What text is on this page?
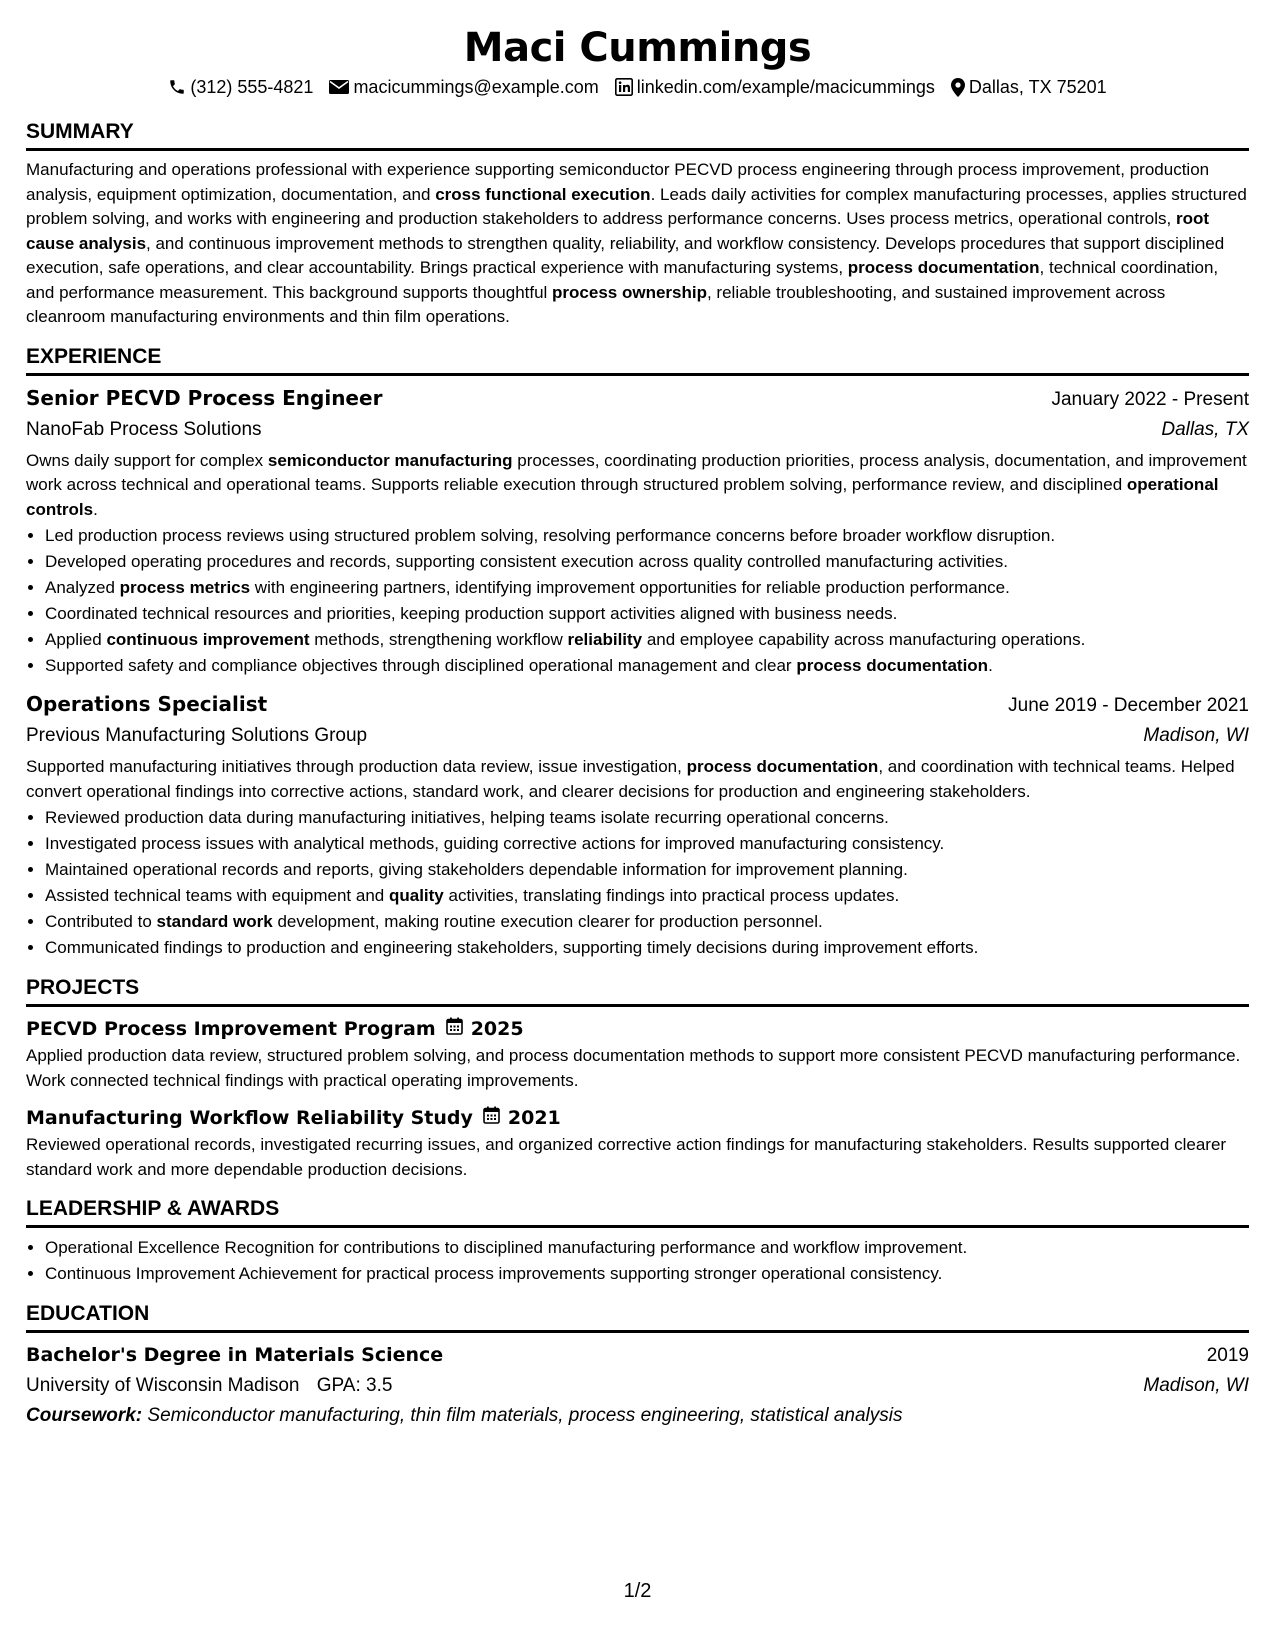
Maci Cummings
(312) 555-4821 macicummings@example.com linkedin.com/example/macicummings Dallas, TX 75201
SUMMARY

Manufacturing and operations professional with experience supporting semiconductor PECVD process engineering through process improvement, production analysis, equipment optimization, documentation, and cross functional execution. Leads daily activities for complex manufacturing processes, applies structured problem solving, and works with engineering and production stakeholders to address performance concerns. Uses process metrics, operational controls, root cause analysis, and continuous improvement methods to strengthen quality, reliability, and workflow consistency. Develops procedures that support disciplined execution, safe operations, and clear accountability. Brings practical experience with manufacturing systems, process documentation, technical coordination, and performance measurement. This background supports thoughtful process ownership, reliable troubleshooting, and sustained improvement across cleanroom manufacturing environments and thin film operations.

EXPERIENCE
Senior PECVD Process Engineer	January 2022 - Present
NanoFab Process Solutions	Dallas, TX

Owns daily support for complex semiconductor manufacturing processes, coordinating production priorities, process analysis, documentation, and improvement work across technical and operational teams. Supports reliable execution through structured problem solving, performance review, and disciplined operational controls.

• Led production process reviews using structured problem solving, resolving performance concerns before broader workflow disruption.
• Developed operating procedures and records, supporting consistent execution across quality controlled manufacturing activities.
• Analyzed process metrics with engineering partners, identifying improvement opportunities for reliable production performance.
• Coordinated technical resources and priorities, keeping production support activities aligned with business needs.
• Applied continuous improvement methods, strengthening workflow reliability and employee capability across manufacturing operations.
• Supported safety and compliance objectives through disciplined operational management and clear process documentation.
Operations Specialist	June 2019 - December 2021
Previous Manufacturing Solutions Group	Madison, WI

Supported manufacturing initiatives through production data review, issue investigation, process documentation, and coordination with technical teams. Helped convert operational findings into corrective actions, standard work, and clearer decisions for production and engineering stakeholders.

• Reviewed production data during manufacturing initiatives, helping teams isolate recurring operational concerns.
• Investigated process issues with analytical methods, guiding corrective actions for improved manufacturing consistency.
• Maintained operational records and reports, giving stakeholders dependable information for improvement planning.
• Assisted technical teams with equipment and quality activities, translating findings into practical process updates.
• Contributed to standard work development, making routine execution clearer for production personnel.
• Communicated findings to production and engineering stakeholders, supporting timely decisions during improvement efforts.
PROJECTS
PECVD Process Improvement Program 2025

Applied production data review, structured problem solving, and process documentation methods to support more consistent PECVD manufacturing performance. Work connected technical findings with practical operating improvements.

Manufacturing Workflow Reliability Study 2021

Reviewed operational records, investigated recurring issues, and organized corrective action findings for manufacturing stakeholders. Results supported clearer standard work and more dependable production decisions.

LEADERSHIP & AWARDS
• Operational Excellence Recognition for contributions to disciplined manufacturing performance and workflow improvement.
• Continuous Improvement Achievement for practical process improvements supporting stronger operational consistency.
EDUCATION
Bachelor's Degree in Materials Science	2019
University of Wisconsin Madison GPA: 3.5	Madison, WI
Coursework: Semiconductor manufacturing, thin film materials, process engineering, statistical analysis
1/2
